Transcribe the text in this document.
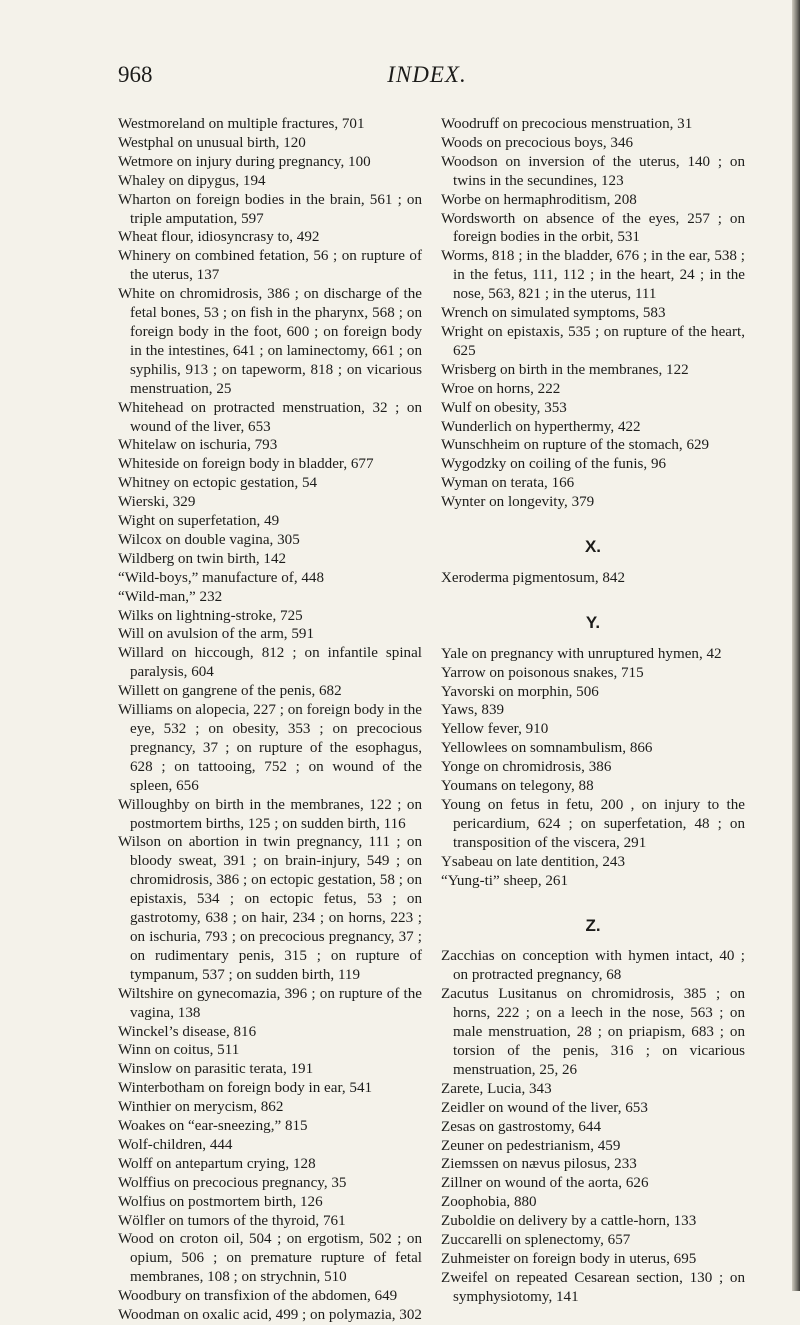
968	INDEX.
Westmoreland on multiple fractures, 701
Westphal on unusual birth, 120
Wetmore on injury during pregnancy, 100
Whaley on dipygus, 194
Wharton on foreign bodies in the brain, 561 ; on triple amputation, 597
Wheat flour, idiosyncrasy to, 492
Whinery on combined fetation, 56 ; on rupture of the uterus, 137
White on chromidrosis, 386 ; on discharge of the fetal bones, 53 ; on fish in the pharynx, 568 ; on foreign body in the foot, 600 ; on foreign body in the intestines, 641 ; on laminectomy, 661 ; on syphilis, 913 ; on tapeworm, 818 ; on vicarious menstruation, 25
Whitehead on protracted menstruation, 32 ; on wound of the liver, 653
Whitelaw on ischuria, 793
Whiteside on foreign body in bladder, 677
Whitney on ectopic gestation, 54
Wierski, 329
Wight on superfetation, 49
Wilcox on double vagina, 305
Wildberg on twin birth, 142
“Wild-boys,” manufacture of, 448
“Wild-man,” 232
Wilks on lightning-stroke, 725
Will on avulsion of the arm, 591
Willard on hiccough, 812 ; on infantile spinal paralysis, 604
Willett on gangrene of the penis, 682
Williams on alopecia, 227 ; on foreign body in the eye, 532 ; on obesity, 353 ; on precocious pregnancy, 37 ; on rupture of the esophagus, 628 ; on tattooing, 752 ; on wound of the spleen, 656
Willoughby on birth in the membranes, 122 ; on postmortem births, 125 ; on sudden birth, 116
Wilson on abortion in twin pregnancy, 111 ; on bloody sweat, 391 ; on brain-injury, 549 ; on chromidrosis, 386 ; on ectopic gestation, 58 ; on epistaxis, 534 ; on ectopic fetus, 53 ; on gastrotomy, 638 ; on hair, 234 ; on horns, 223 ; on ischuria, 793 ; on precocious pregnancy, 37 ; on rudimentary penis, 315 ; on rupture of tympanum, 537 ; on sudden birth, 119
Wiltshire on gynecomazia, 396 ; on rupture of the vagina, 138
Winckel’s disease, 816
Winn on coitus, 511
Winslow on parasitic terata, 191
Winterbotham on foreign body in ear, 541
Winthier on merycism, 862
Woakes on “ear-sneezing,” 815
Wolf-children, 444
Wolff on antepartum crying, 128
Wolffius on precocious pregnancy, 35
Wolfius on postmortem birth, 126
Wölfler on tumors of the thyroid, 761
Wood on croton oil, 504 ; on ergotism, 502 ; on opium, 506 ; on premature rupture of fetal membranes, 108 ; on strychnin, 510
Woodbury on transfixion of the abdomen, 649
Woodman on oxalic acid, 499 ; on polymazia, 302
Woodruff on precocious menstruation, 31
Woods on precocious boys, 346
Woodson on inversion of the uterus, 140 ; on twins in the secundines, 123
Worbe on hermaphroditism, 208
Wordsworth on absence of the eyes, 257 ; on foreign bodies in the orbit, 531
Worms, 818 ; in the bladder, 676 ; in the ear, 538 ; in the fetus, 111, 112 ; in the heart, 24 ; in the nose, 563, 821 ; in the uterus, 111
Wrench on simulated symptoms, 583
Wright on epistaxis, 535 ; on rupture of the heart, 625
Wrisberg on birth in the membranes, 122
Wroe on horns, 222
Wulf on obesity, 353
Wunderlich on hyperthermy, 422
Wunschheim on rupture of the stomach, 629
Wygodzky on coiling of the funis, 96
Wyman on terata, 166
Wynter on longevity, 379
X.
Xeroderma pigmentosum, 842
Y.
Yale on pregnancy with unruptured hymen, 42
Yarrow on poisonous snakes, 715
Yavorski on morphin, 506
Yaws, 839
Yellow fever, 910
Yellowlees on somnambulism, 866
Yonge on chromidrosis, 386
Youmans on telegony, 88
Young on fetus in fetu, 200 , on injury to the pericardium, 624 ; on superfetation, 48 ; on transposition of the viscera, 291
Ysabeau on late dentition, 243
“Yung-ti” sheep, 261
Z.
Zacchias on conception with hymen intact, 40 ; on protracted pregnancy, 68
Zacutus Lusitanus on chromidrosis, 385 ; on horns, 222 ; on a leech in the nose, 563 ; on male menstruation, 28 ; on priapism, 683 ; on torsion of the penis, 316 ; on vicarious menstruation, 25, 26
Zarete, Lucia, 343
Zeidler on wound of the liver, 653
Zesas on gastrostomy, 644
Zeuner on pedestrianism, 459
Ziemssen on nævus pilosus, 233
Zillner on wound of the aorta, 626
Zoophobia, 880
Zuboldie on delivery by a cattle-horn, 133
Zuccarelli on splenectomy, 657
Zuhmeister on foreign body in uterus, 695
Zweifel on repeated Cesarean section, 130 ; on symphysiotomy, 141
